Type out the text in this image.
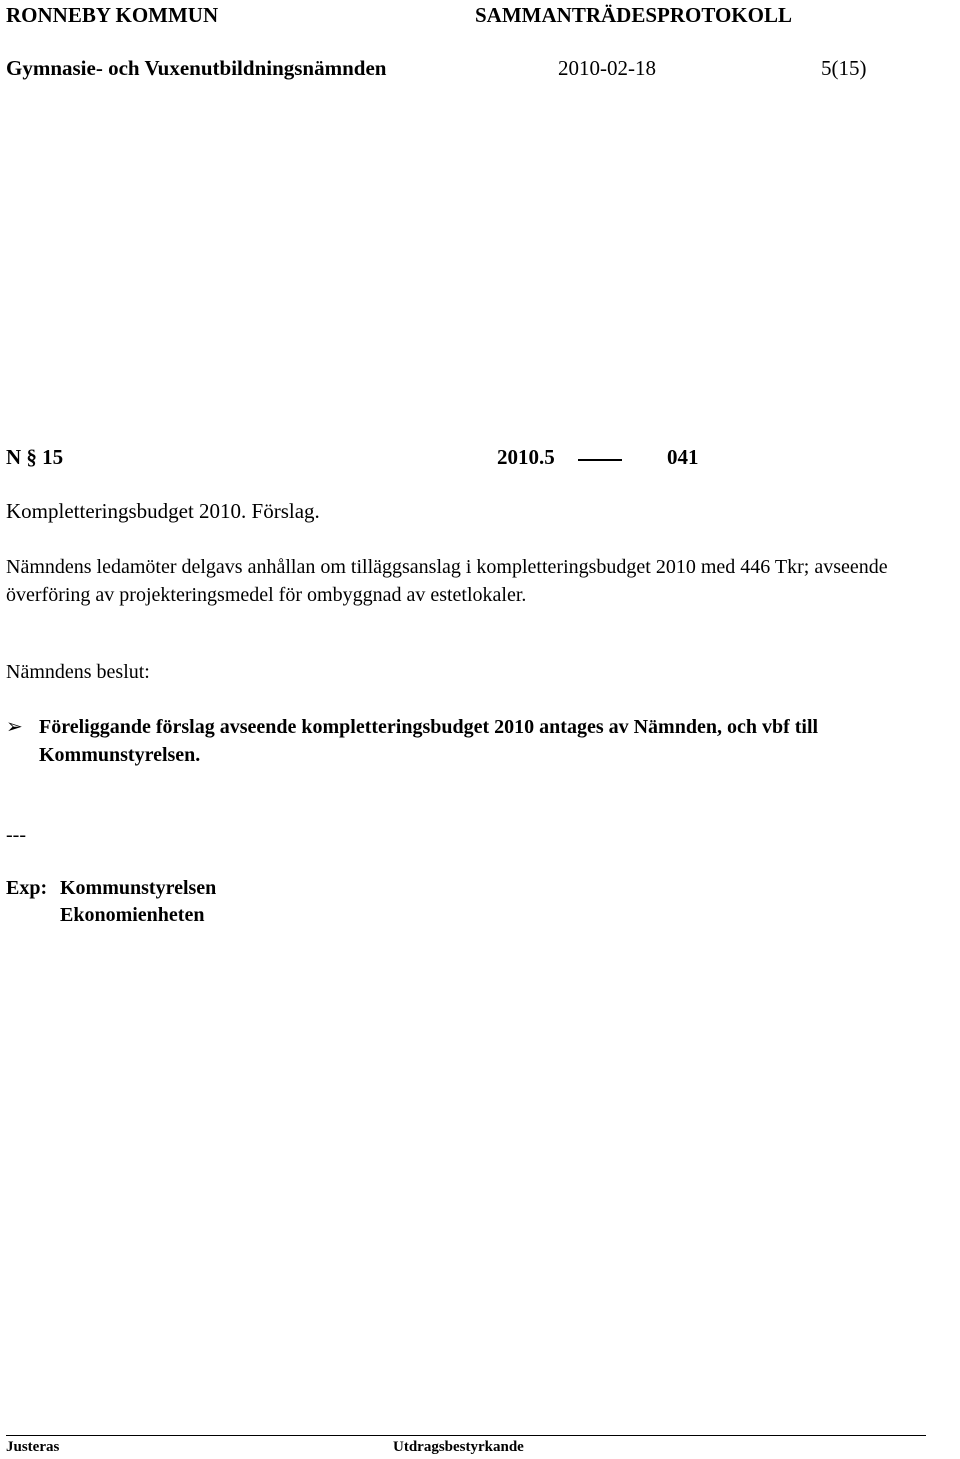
RONNEBY KOMMUN	SAMMANTRÄDESPROTOKOLL
Gymnasie- och Vuxenutbildningsnämnden	2010-02-18	5(15)
N § 15	2010.5	041
Kompletteringsbudget 2010. Förslag.
Nämndens ledamöter delgavs anhållan om tilläggsanslag i kompletteringsbudget 2010 med 446 Tkr; avseende överföring av projekteringsmedel för ombyggnad av estetlokaler.
Nämndens beslut:
➢ Föreliggande förslag avseende kompletteringsbudget 2010 antages av Nämnden, och vbf till Kommunstyrelsen.
---
Exp: Kommunstyrelsen
Ekonomienheten
Justeras	Utdragsbestyrkande
